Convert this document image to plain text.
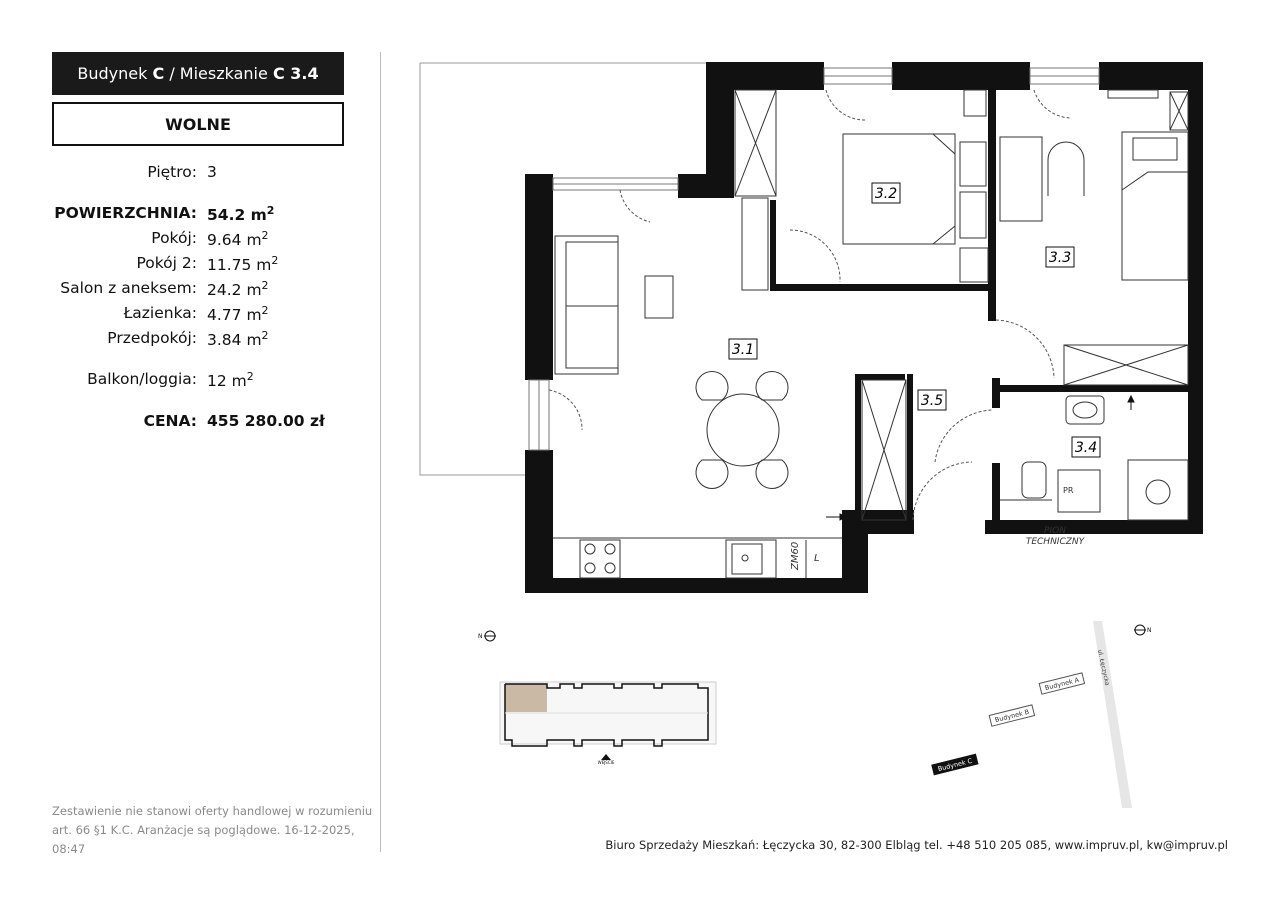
Budynek
C / Mieszkanie
C 3.4
WOLNE
Piętro: 3
POWIERZCHNIA: 54.2 $m^2$
Pokój: 9.64 $m^2$
Pokój 2: 11.75 $m^2$
Salon z aneksem: 24.2 $m^2$
Łazienka: 4.77 $m^2$
Przedpokój: 3.84 $m^2$
Balkon/loggia: 12 $m^2$
CENA: 455 280.00 zł
3.1
3.2
3.3
3.4
3.5
PION
TECHNICZNY
ZM60 L
PR
N
N
WEJŚCIE
ul. Łęczycka
Budynek A
Budynek B
Budynek C
Zestawienie nie stanowi oferty handlowej w rozumieniu art. 66 §1 K.C. Aranżacje są poglądowe. 16-12-2025, 08:47	Biuro Sprzedaży Mieszkań: Łęczycka 30, 82-300 Elbląg tel. +48 510 205 085, www.impruv.pl, kw@impruv.pl
